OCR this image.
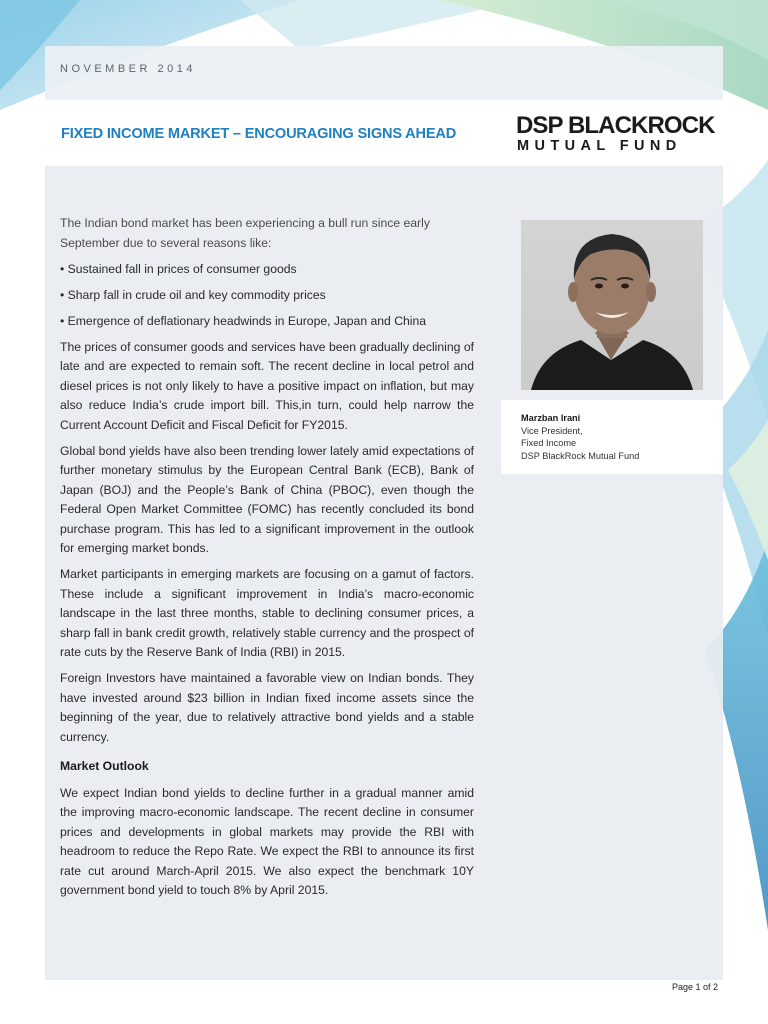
NOVEMBER 2014
FIXED INCOME MARKET – ENCOURAGING SIGNS AHEAD DSP BLACKROCK
MUTUAL FUND

The Indian bond market has been experiencing a bull run since early September due to several reasons like:

• Sustained fall in prices of consumer goods
• Sharp fall in crude oil and key commodity prices
• Emergence of deflationary headwinds in Europe, Japan and China

The prices of consumer goods and services have been gradually declining of late and are expected to remain soft. The recent decline in local petrol and diesel prices is not only likely to have a positive impact on inflation, but may also reduce India’s crude import bill. This,in turn, could help narrow the Current Account Deficit and Fiscal Deficit for FY2015.

Global bond yields have also been trending lower lately amid expectations of further monetary stimulus by the European Central Bank (ECB), Bank of Japan (BOJ) and the People’s Bank of China (PBOC), even though the Federal Open Market Committee (FOMC) has recently concluded its bond purchase program. This has led to a significant improvement in the outlook for emerging market bonds.

Market participants in emerging markets are focusing on a gamut of factors. These include a significant improvement in India’s macro-economic landscape in the last three months, stable to declining consumer prices, a sharp fall in bank credit growth, relatively stable currency and the prospect of rate cuts by the Reserve Bank of India (RBI) in 2015.

Foreign Investors have maintained a favorable view on Indian bonds. They have invested around $23 billion in Indian fixed income assets since the beginning of the year, due to relatively attractive bond yields and a stable currency.

Market Outlook

We expect Indian bond yields to decline further in a gradual manner amid the improving macro-economic landscape. The recent decline in consumer prices and developments in global markets may provide the RBI with headroom to reduce the Repo Rate. We expect the RBI to announce its first rate cut around March-April 2015. We also expect the benchmark 10Y government bond yield to touch 8% by April 2015.

Marzban Irani
Vice President,
Fixed Income
DSP BlackRock Mutual Fund
Page 1 of 2
